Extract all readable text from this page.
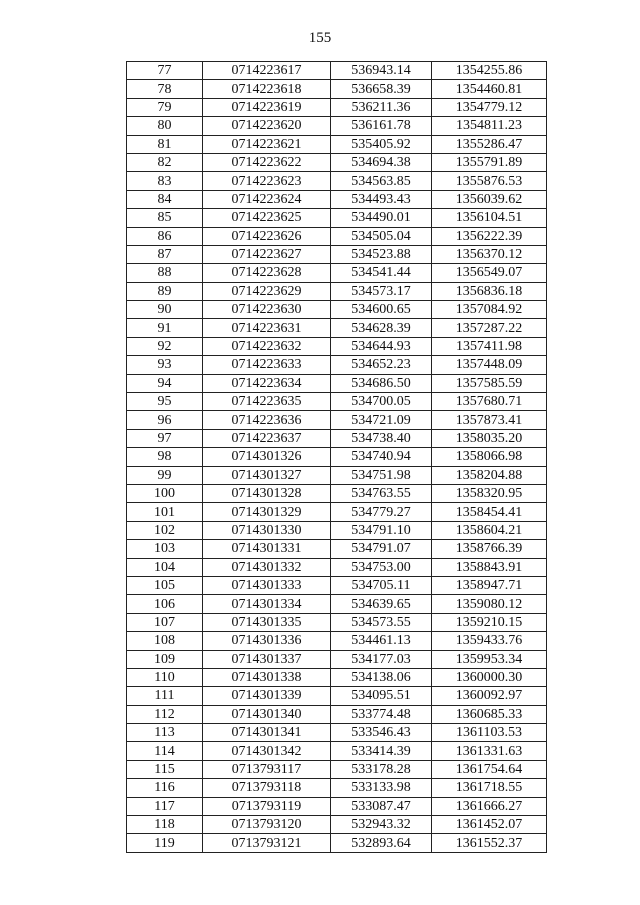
155
77	0714223617	536943.14	1354255.86
78	0714223618	536658.39	1354460.81
79	0714223619	536211.36	1354779.12
80	0714223620	536161.78	1354811.23
81	0714223621	535405.92	1355286.47
82	0714223622	534694.38	1355791.89
83	0714223623	534563.85	1355876.53
84	0714223624	534493.43	1356039.62
85	0714223625	534490.01	1356104.51
86	0714223626	534505.04	1356222.39
87	0714223627	534523.88	1356370.12
88	0714223628	534541.44	1356549.07
89	0714223629	534573.17	1356836.18
90	0714223630	534600.65	1357084.92
91	0714223631	534628.39	1357287.22
92	0714223632	534644.93	1357411.98
93	0714223633	534652.23	1357448.09
94	0714223634	534686.50	1357585.59
95	0714223635	534700.05	1357680.71
96	0714223636	534721.09	1357873.41
97	0714223637	534738.40	1358035.20
98	0714301326	534740.94	1358066.98
99	0714301327	534751.98	1358204.88
100	0714301328	534763.55	1358320.95
101	0714301329	534779.27	1358454.41
102	0714301330	534791.10	1358604.21
103	0714301331	534791.07	1358766.39
104	0714301332	534753.00	1358843.91
105	0714301333	534705.11	1358947.71
106	0714301334	534639.65	1359080.12
107	0714301335	534573.55	1359210.15
108	0714301336	534461.13	1359433.76
109	0714301337	534177.03	1359953.34
110	0714301338	534138.06	1360000.30
111	0714301339	534095.51	1360092.97
112	0714301340	533774.48	1360685.33
113	0714301341	533546.43	1361103.53
114	0714301342	533414.39	1361331.63
115	0713793117	533178.28	1361754.64
116	0713793118	533133.98	1361718.55
117	0713793119	533087.47	1361666.27
118	0713793120	532943.32	1361452.07
119	0713793121	532893.64	1361552.37
